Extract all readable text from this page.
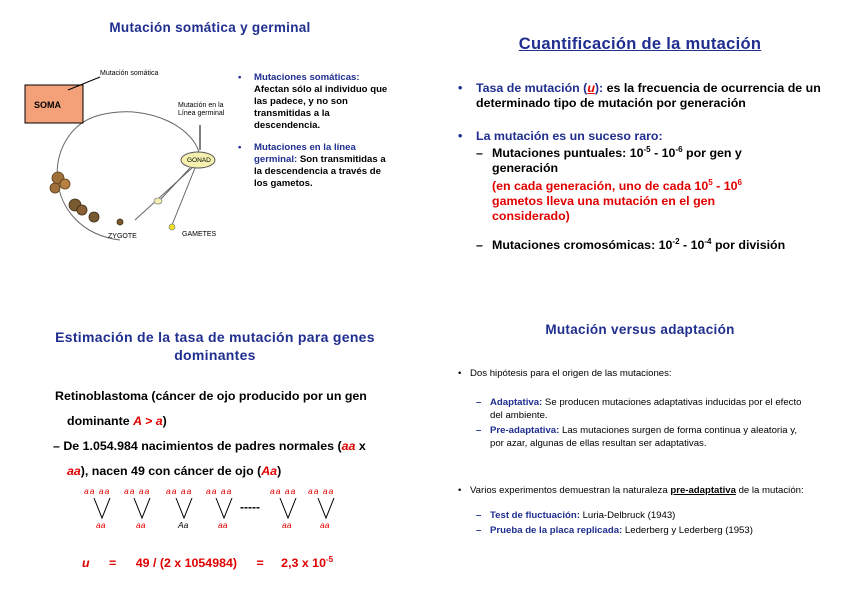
Mutación somática y germinal
SOMA
Mutación somática
Mutación en la
Línea germinal
GONAD
ZYGOTE	GAMETES
• Mutaciones somáticas: Afectan sólo al individuo que las padece, y no son transmitidas a la descendencia.
• Mutaciones en la línea germinal: Son transmitidas a la descendencia a través de los gametos.
Cuantificación de la mutación
• Tasa de mutación (u): es la frecuencia de ocurrencia de un determinado tipo de mutación por generación
• La mutación es un suceso raro:
– Mutaciones puntuales: $10^{-5} - 10^{-6}$ por gen y generación
(en cada generación, uno de cada $10^5 - 10^6$ gametos lleva una mutación en el gen considerado)
– Mutaciones cromosómicas: $10^{-2} - 10^{-4}$ por división
Estimación de la tasa de mutación para genes dominantes
Retinoblastoma (cáncer de ojo producido por un gen
dominante A > a)
– De 1.054.984 nacimientos de padres normales (aa x
aa), nacen 49 con cáncer de ojo (Aa)
aa aa aa aa aa aa aa aa	aa aa aa aa
-----
aa	aa	Aa	aa	aa	aa
u = 49 / (2 x 1054984) = 2,3 x $10^{-5}$
Mutación versus adaptación
• Dos hipótesis para el origen de las mutaciones:
– Adaptativa: Se producen mutaciones adaptativas inducidas por el efecto del ambiente.
– Pre-adaptativa: Las mutaciones surgen de forma continua y aleatoria y, por azar, algunas de ellas resultan ser adaptativas.
• Varios experimentos demuestran la naturaleza pre-adaptativa de la mutación:
– Test de fluctuación: Luria-Delbruck (1943)
– Prueba de la placa replicada: Lederberg y Lederberg (1953)
